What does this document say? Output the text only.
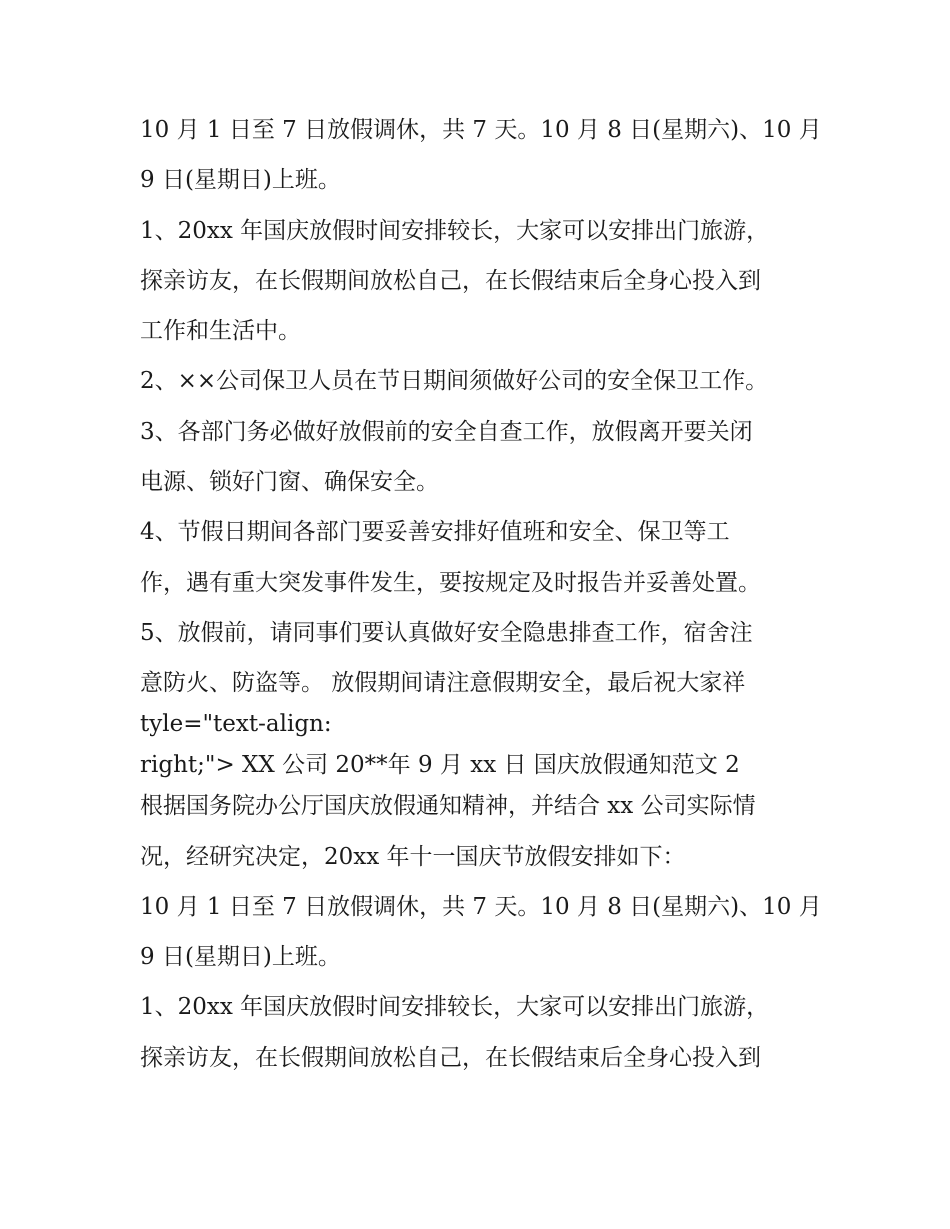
10 月 1 日至 7 日放假调休，共 7 天。10 月 8 日(星期六)、10 月
9 日(星期日)上班。
1、20xx 年国庆放假时间安排较长，大家可以安排出门旅游，
探亲访友，在长假期间放松自己，在长假结束后全身心投入到
工作和生活中。
2、××公司保卫人员在节日期间须做好公司的安全保卫工作。
3、各部门务必做好放假前的安全自查工作，放假离开要关闭
电源、锁好门窗、确保安全。
4、节假日期间各部门要妥善安排好值班和安全、保卫等工
作，遇有重大突发事件发生，要按规定及时报告并妥善处置。
5、放假前，请同事们要认真做好安全隐患排查工作，宿舍注
意防火、防盗等。 放假期间请注意假期安全，最后祝大家祥
tyle="text-align:
right;"> XX 公司 20**年 9 月 xx 日 国庆放假通知范文 2
根据国务院办公厅国庆放假通知精神，并结合 xx 公司实际情
况，经研究决定，20xx 年十一国庆节放假安排如下：
10 月 1 日至 7 日放假调休，共 7 天。10 月 8 日(星期六)、10 月
9 日(星期日)上班。
1、20xx 年国庆放假时间安排较长，大家可以安排出门旅游，
探亲访友，在长假期间放松自己，在长假结束后全身心投入到
